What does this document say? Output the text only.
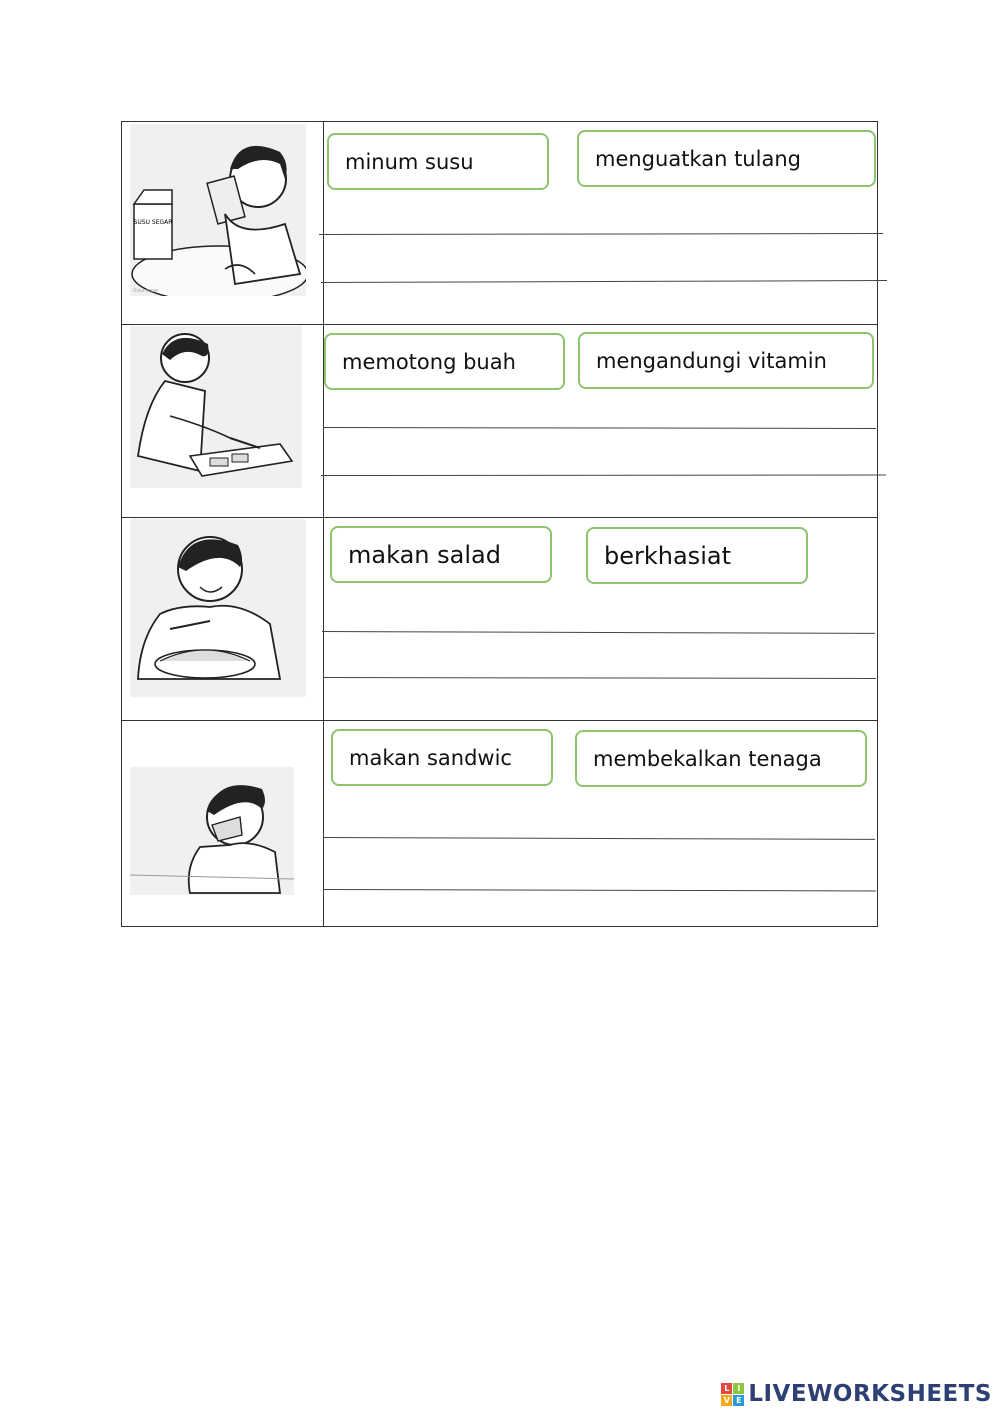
SUSU SEGAR
Susu segar
minum susu	menguatkan tulang
memotong buah	mengandungi vitamin
makan salad	berkhasiat
makan sandwic	membekalkan tenaga
L I
V E LIVEWORKSHEETS
